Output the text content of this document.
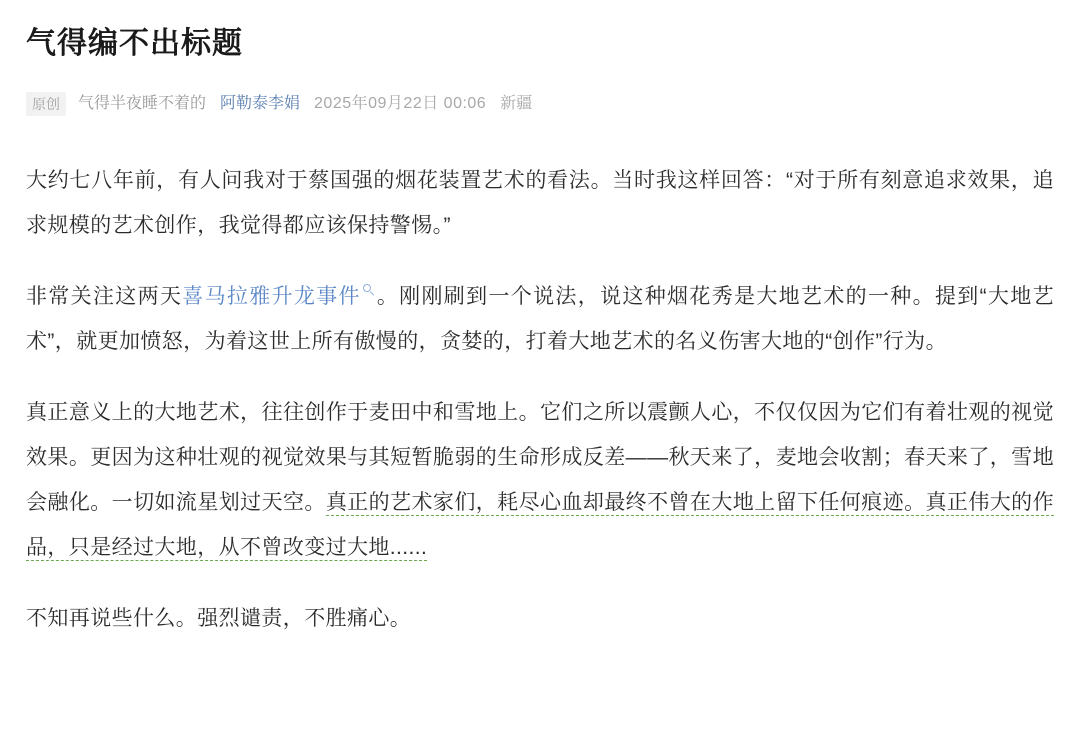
气得编不出标题
原创	气得半夜睡不着的 阿勒泰李娟 2025年09月22日 00:06 新疆

大约七八年前，有人问我对于蔡国强的烟花装置艺术的看法。当时我这样回答：“对于所有刻意追求效果，追求规模的艺术创作，我觉得都应该保持警惕。”

非常关注这两天喜马拉雅升龙事件 。刚刚刷到一个说法，说这种烟花秀是大地艺术的一种。提到“大地艺术”，就更加愤怒，为着这世上所有傲慢的，贪婪的，打着大地艺术的名义伤害大地的“创作”行为。

真正意义上的大地艺术，往往创作于麦田中和雪地上。它们之所以震颤人心，不仅仅因为它们有着壮观的视觉效果。更因为这种壮观的视觉效果与其短暂脆弱的生命形成反差——秋天来了，麦地会收割；春天来了，雪地会融化。一切如流星划过天空。真正的艺术家们，耗尽心血却最终不曾在大地上留下任何痕迹。真正伟大的作品，只是经过大地，从不曾改变过大地......

不知再说些什么。强烈谴责，不胜痛心。
